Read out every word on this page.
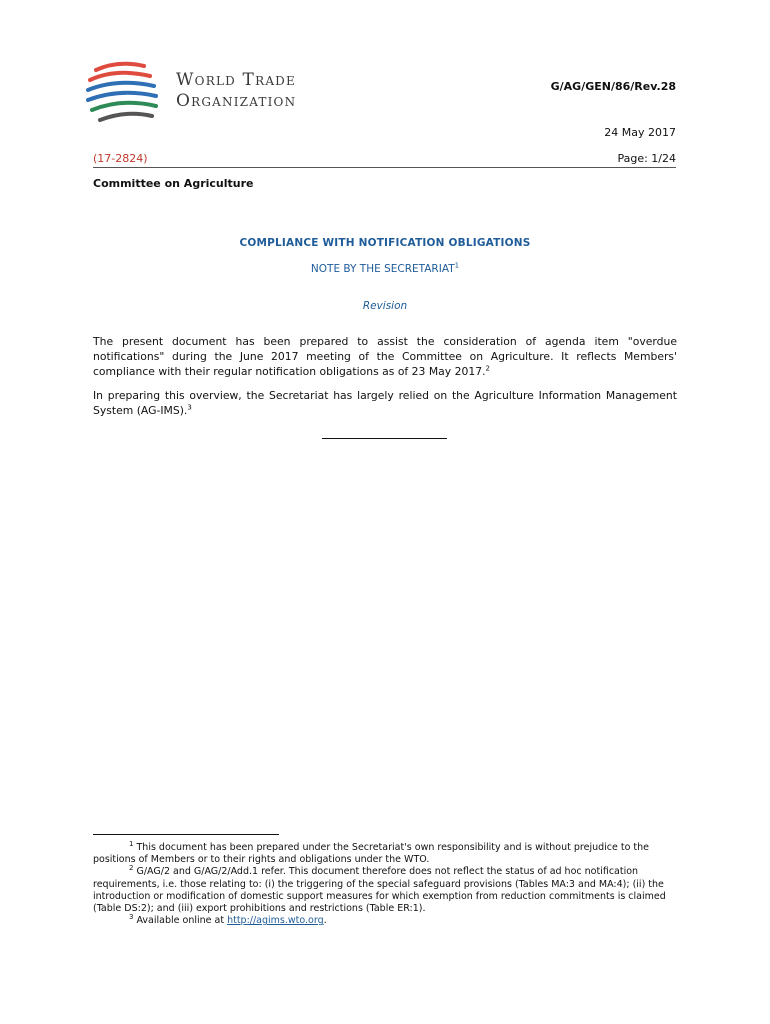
World Trade
Organization
G/AG/GEN/86/Rev.28
24 May 2017
(17-2824)	Page: 1/24
Committee on Agriculture
COMPLIANCE WITH NOTIFICATION OBLIGATIONS
NOTE BY THE SECRETARIAT$^1$
Revision
The present document has been prepared to assist the consideration of agenda item "overdue notifications" during the June 2017 meeting of the Committee on Agriculture. It reflects Members' compliance with their regular notification obligations as of 23 May 2017.$^2$
In preparing this overview, the Secretariat has largely relied on the Agriculture Information Management System (AG-IMS).$^3$

$^1$ This document has been prepared under the Secretariat's own responsibility and is without prejudice to the positions of Members or to their rights and obligations under the WTO.

$^2$ G/AG/2 and G/AG/2/Add.1 refer. This document therefore does not reflect the status of ad hoc notification requirements, i.e. those relating to: (i) the triggering of the special safeguard provisions (Tables MA:3 and MA:4); (ii) the introduction or modification of domestic support measures for which exemption from reduction commitments is claimed (Table DS:2); and (iii) export prohibitions and restrictions (Table ER:1).

$^3$ Available online at http://agims.wto.org.
